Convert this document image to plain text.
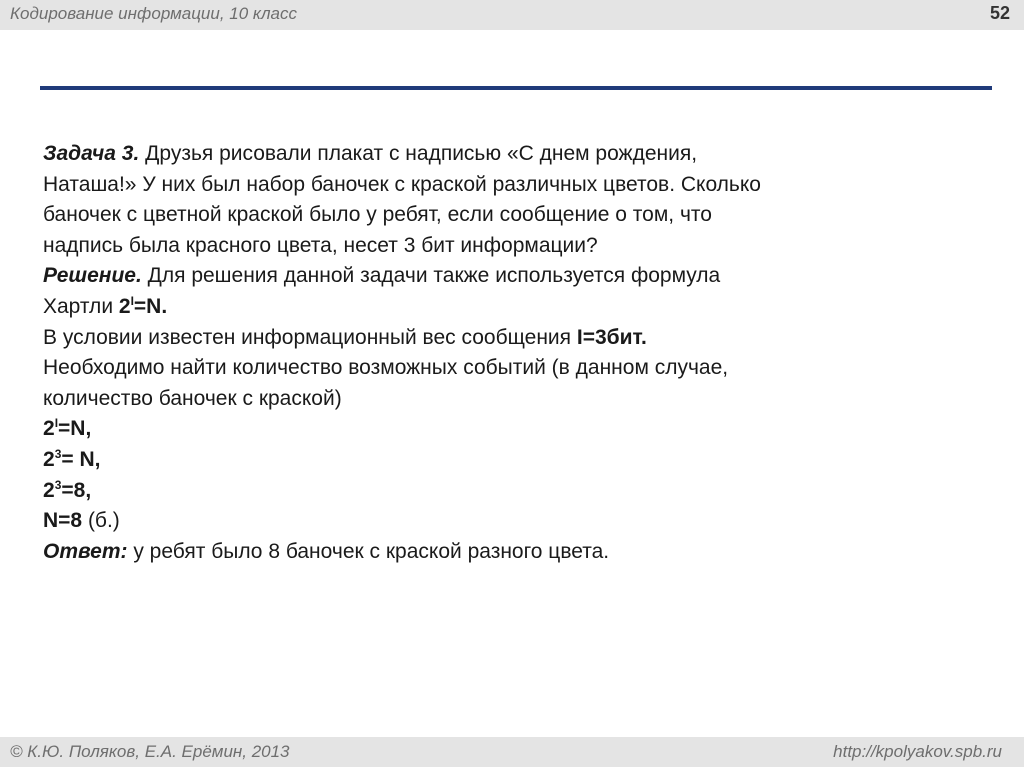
Кодирование информации, 10 класс	52

Задача 3. Друзья рисовали плакат с надписью «С днем рождения,

Наташа!» У них был набор баночек с краской различных цветов. Сколько

баночек с цветной краской было у ребят, если сообщение о том, что

надпись была красного цвета, несет 3 бит информации?

Решение. Для решения данной задачи также используется формула

Хартли $2^I=N$.

В условии известен информационный вес сообщения I=3бит.

Необходимо найти количество возможных событий (в данном случае,

количество баночек с краской)

$2^I=N$,

$2^3= N$,

$2^3=8$,

N=8 (б.)

Ответ: у ребят было 8 баночек с краской разного цвета.

© К.Ю. Поляков, Е.А. Ерёмин, 2013	http://kpolyakov.spb.ru
